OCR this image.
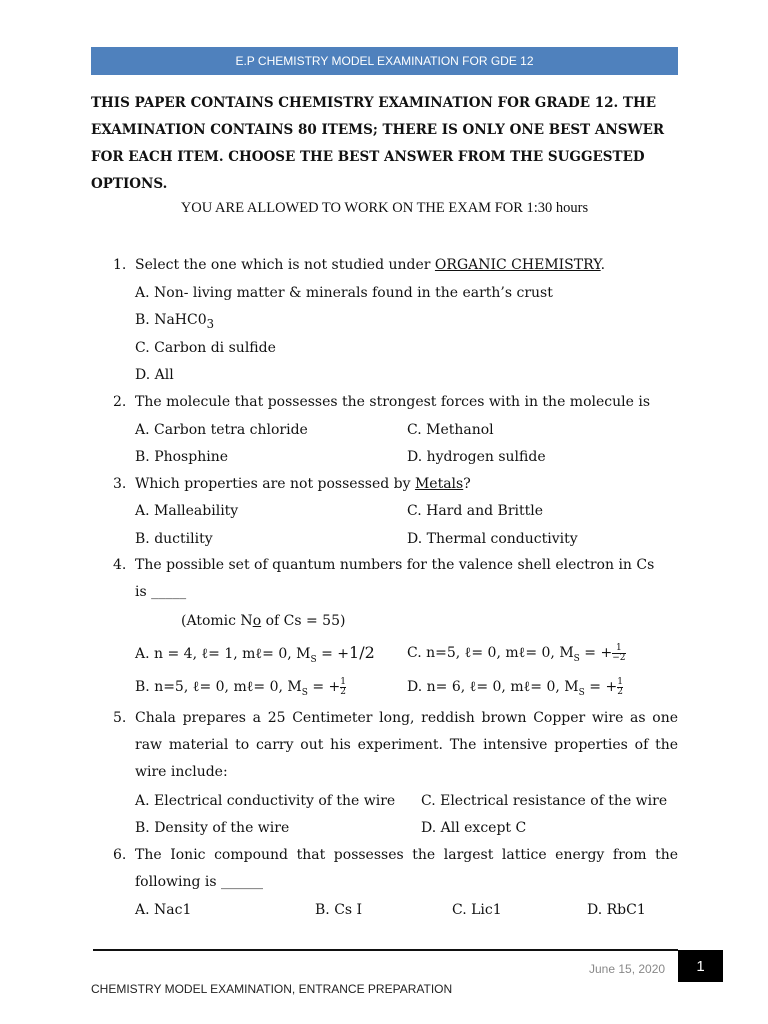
E.P CHEMISTRY MODEL EXAMINATION FOR GDE 12
THIS PAPER CONTAINS CHEMISTRY EXAMINATION FOR GRADE 12. THE
EXAMINATION CONTAINS 80 ITEMS; THERE IS ONLY ONE BEST ANSWER
FOR EACH ITEM. CHOOSE THE BEST ANSWER FROM THE SUGGESTED
OPTIONS.
YOU ARE ALLOWED TO WORK ON THE EXAM FOR 1:30 hours
1. Select the one which is not studied under ORGANIC CHEMISTRY.
A. Non- living matter & minerals found in the earth’s crust
B. $NaHC0_3$
C. Carbon di sulfide
D. All
2. The molecule that possesses the strongest forces with in the molecule is
A. Carbon tetra chloride	C. Methanol
B. Phosphine	D. hydrogen sulfide
3. Which properties are not possessed by Metals?
A. Malleability	C. Hard and Brittle
B. ductility	D. Thermal conductivity
4. The possible set of quantum numbers for the valence shell electron in Cs
is _____
(Atomic No of Cs = 55)
A. n = 4, ℓ= 1, mℓ= 0, $M_S = +1/2$ C. n=5, ℓ= 0, mℓ= 0, $M_S$ = + $\frac{1}{-2}$
B. n=5, ℓ= 0, mℓ= 0, $M_S$ = + $\frac{1}{2}$	D. n= 6, ℓ= 0, mℓ= 0, $M_S$ = + $\frac{1}{2}$
5. Chala prepares a 25 Centimeter long, reddish brown Copper wire as one raw material to carry out his experiment. The intensive properties of the wire include:
A. Electrical conductivity of the wire C. Electrical resistance of the wire
B. Density of the wire	D. All except C
6. The Ionic compound that possesses the largest lattice energy from the following is ______
A. Nac1	B. Cs I	C. Lic1	D. RbC1
June 15, 2020	1
CHEMISTRY MODEL EXAMINATION, ENTRANCE PREPARATION
